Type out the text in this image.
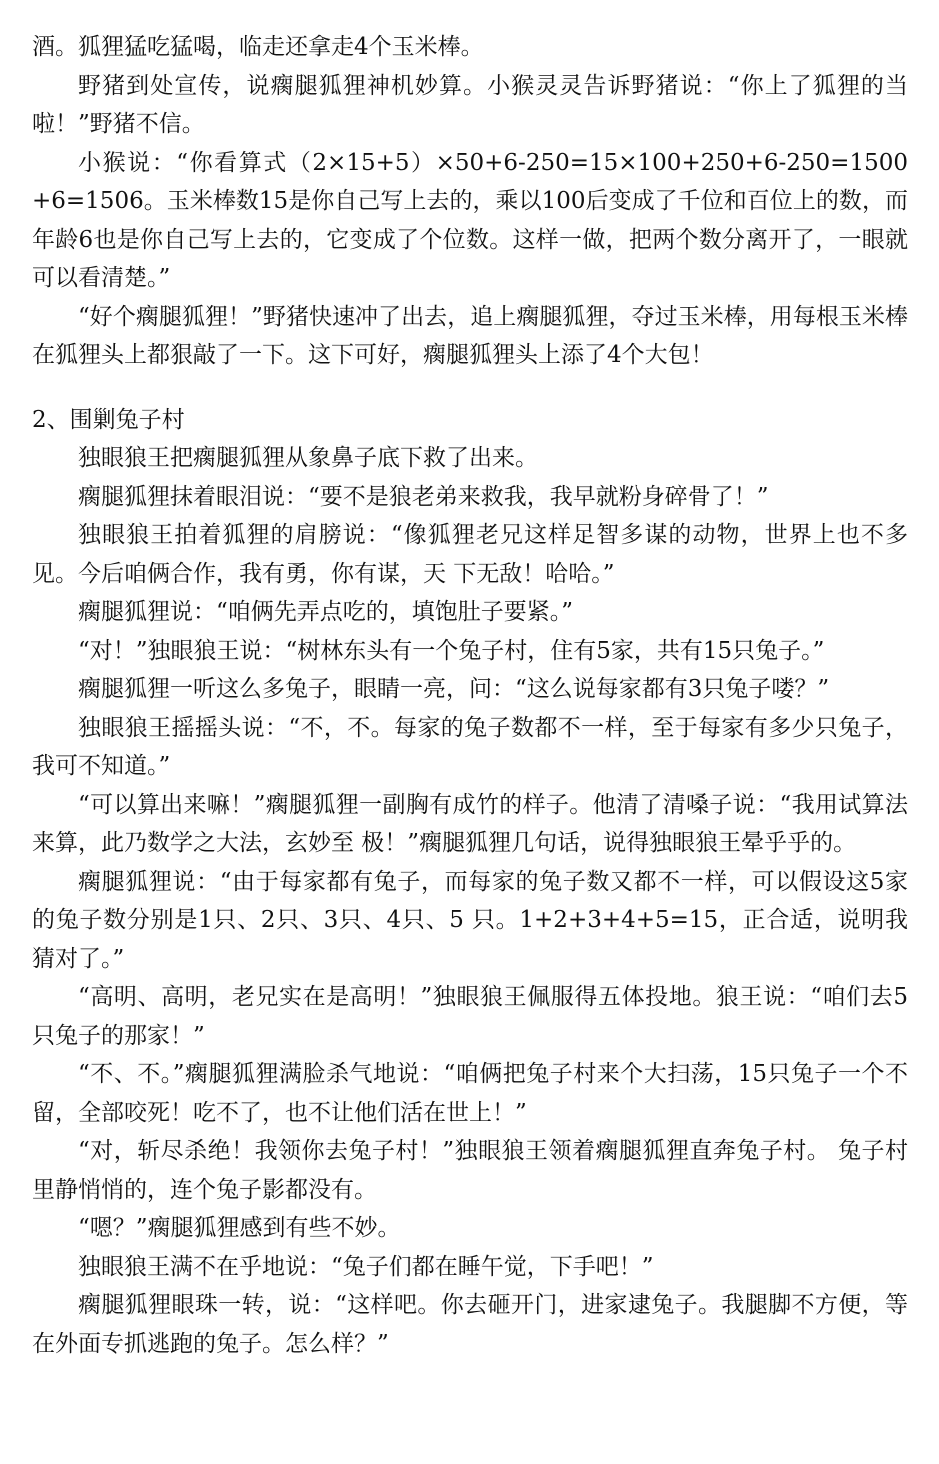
酒。狐狸猛吃猛喝，临走还拿走4个玉米棒。

野猪到处宣传，说瘸腿狐狸神机妙算。小猴灵灵告诉野猪说：“你上了狐狸的当啦！”野猪不信。

小猴说：“你看算式（2×15+5）×50+6-250=15×100+250+6-250=1500+6=1506。玉米棒数15是你自己写上去的，乘以100后变成了千位和百位上的数，而年龄6也是你自己写上去的，它变成了个位数。这样一做，把两个数分离开了，一眼就可以看清楚。”

“好个瘸腿狐狸！”野猪快速冲了出去，追上瘸腿狐狸，夺过玉米棒，用每根玉米棒在狐狸头上都狠敲了一下。这下可好，瘸腿狐狸头上添了4个大包！

2、围剿兔子村

独眼狼王把瘸腿狐狸从象鼻子底下救了出来。

瘸腿狐狸抹着眼泪说：“要不是狼老弟来救我，我早就粉身碎骨了！”

独眼狼王拍着狐狸的肩膀说：“像狐狸老兄这样足智多谋的动物，世界上也不多见。今后咱俩合作，我有勇，你有谋，天 下无敌！哈哈。”

瘸腿狐狸说：“咱俩先弄点吃的，填饱肚子要紧。”

“对！”独眼狼王说：“树林东头有一个兔子村，住有5家，共有15只兔子。”

瘸腿狐狸一听这么多兔子，眼睛一亮，问：“这么说每家都有3只兔子喽？”

独眼狼王摇摇头说：“不，不。每家的兔子数都不一样，至于每家有多少只兔子，我可不知道。”

“可以算出来嘛！”瘸腿狐狸一副胸有成竹的样子。他清了清嗓子说：“我用试算法来算，此乃数学之大法，玄妙至 极！”瘸腿狐狸几句话，说得独眼狼王晕乎乎的。

瘸腿狐狸说：“由于每家都有兔子，而每家的兔子数又都不一样，可以假设这5家的兔子数分别是1只、2只、3只、4只、5 只。1+2+3+4+5=15，正合适，说明我猜对了。”

“高明、高明，老兄实在是高明！”独眼狼王佩服得五体投地。狼王说：“咱们去5只兔子的那家！”

“不、不。”瘸腿狐狸满脸杀气地说：“咱俩把兔子村来个大扫荡，15只兔子一个不留，全部咬死！吃不了，也不让他们活在世上！”

“对，斩尽杀绝！我领你去兔子村！”独眼狼王领着瘸腿狐狸直奔兔子村。 兔子村里静悄悄的，连个兔子影都没有。

“嗯？”瘸腿狐狸感到有些不妙。

独眼狼王满不在乎地说：“兔子们都在睡午觉，下手吧！”

瘸腿狐狸眼珠一转，说：“这样吧。你去砸开门，进家逮兔子。我腿脚不方便，等在外面专抓逃跑的兔子。怎么样？”
